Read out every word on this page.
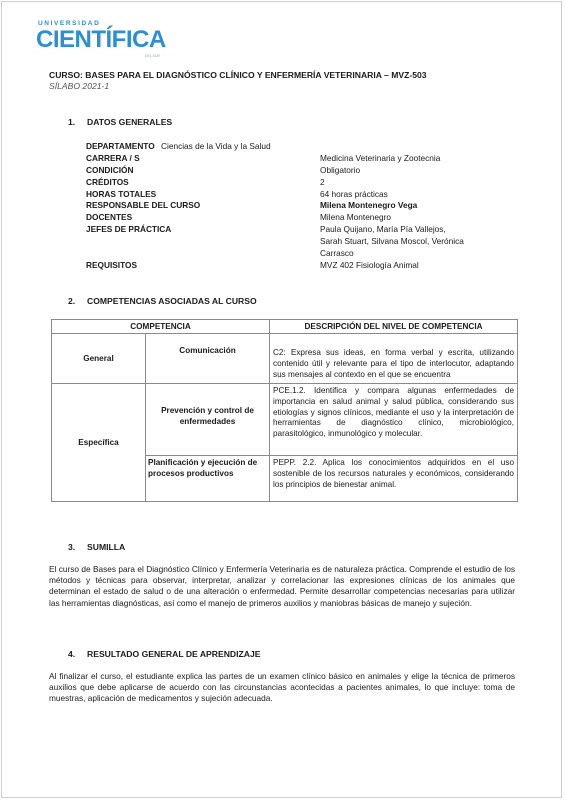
UNIVERSIDAD
CIENTÍFICA
DEL SUR
CURSO: BASES PARA EL DIAGNÓSTICO CLÍNICO Y ENFERMERÍA VETERINARIA – MVZ-503
SÍLABO 2021-1
1. DATOS GENERALES
DEPARTAMENTO Ciencias de la Vida y la Salud
CARRERA / S	Medicina Veterinaria y Zootecnia
CONDICIÓN	Obligatorio
CRÉDITOS	2
HORAS TOTALES	64 horas prácticas
RESPONSABLE DEL CURSO	Milena Montenegro Vega
DOCENTES	Milena Montenegro
JEFES DE PRÁCTICA	Paula Quijano, María Pía Vallejos, Sarah Stuart, Silvana Moscol, Verónica Carrasco
REQUISITOS	MVZ 402 Fisiología Animal
2. COMPETENCIAS ASOCIADAS AL CURSO
COMPETENCIA		DESCRIPCIÓN DEL NIVEL DE COMPETENCIA
General	Comunicación	C2: Expresa sus ideas, en forma verbal y escrita, utilizando contenido útil y relevante para el tipo de interlocutor, adaptando sus mensajes al contexto en el que se encuentra
Específica	Prevención y control de enfermedades	PCE.1.2. Identifica y compara algunas enfermedades de importancia en salud animal y salud pública, considerando sus etiologías y signos clínicos, mediante el uso y la interpretación de herramientas de diagnóstico clínico, microbiológico, parasitológico, inmunológico y molecular.
	Planificación y ejecución de procesos productivos	PEPP. 2.2. Aplica los conocimientos adquiridos en el uso sostenible de los recursos naturales y económicos, considerando los principios de bienestar animal.
3. SUMILLA
El curso de Bases para el Diagnóstico Clínico y Enfermería Veterinaria es de naturaleza práctica. Comprende el estudio de los métodos y técnicas para observar, interpretar, analizar y correlacionar las expresiones clínicas de los animales que determinan el estado de salud o de una alteración o enfermedad. Permite desarrollar competencias necesarias para utilizar las herramientas diagnósticas, así como el manejo de primeros auxilios y maniobras básicas de manejo y sujeción.
4. RESULTADO GENERAL DE APRENDIZAJE
Al finalizar el curso, el estudiante explica las partes de un examen clínico básico en animales y elige la técnica de primeros auxilios que debe aplicarse de acuerdo con las circunstancias acontecidas a pacientes animales, lo que incluye: toma de muestras, aplicación de medicamentos y sujeción adecuada.
